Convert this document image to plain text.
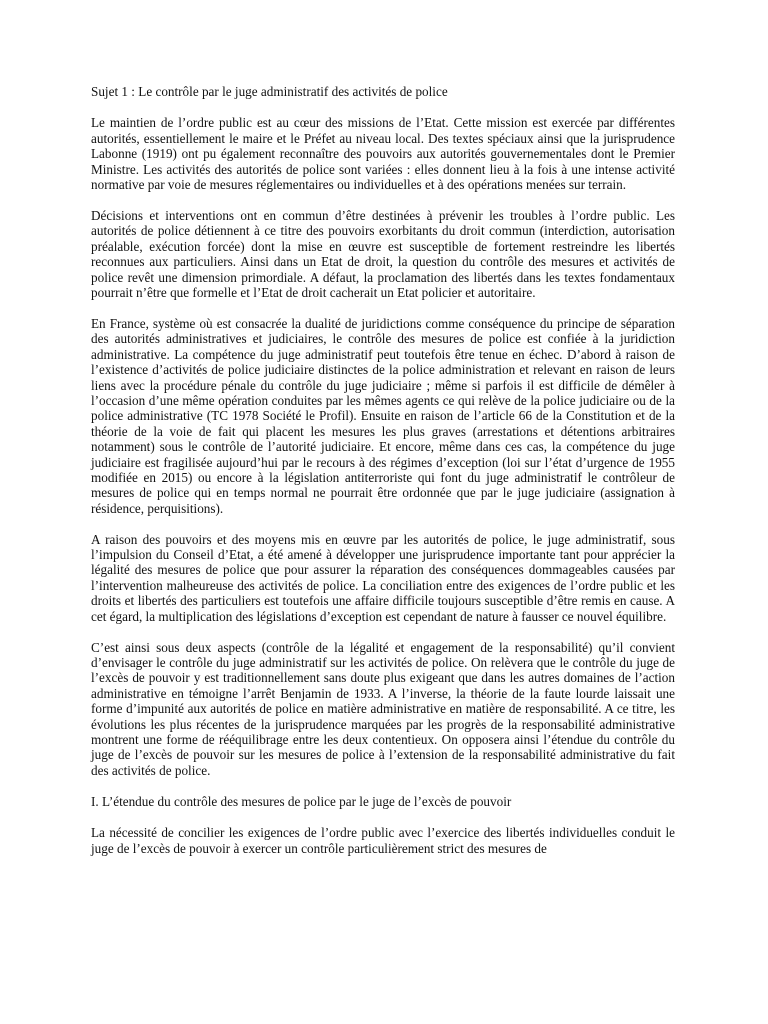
Sujet 1 : Le contrôle par le juge administratif des activités de police

Le maintien de l’ordre public est au cœur des missions de l’Etat. Cette mission est exercée par différentes autorités, essentiellement le maire et le Préfet au niveau local. Des textes spéciaux ainsi que la jurisprudence Labonne (1919) ont pu également reconnaître des pouvoirs aux autorités gouvernementales dont le Premier Ministre. Les activités des autorités de police sont variées : elles donnent lieu à la fois à une intense activité normative par voie de mesures réglementaires ou individuelles et à des opérations menées sur terrain.

Décisions et interventions ont en commun d’être destinées à prévenir les troubles à l’ordre public. Les autorités de police détiennent à ce titre des pouvoirs exorbitants du droit commun (interdiction, autorisation préalable, exécution forcée) dont la mise en œuvre est susceptible de fortement restreindre les libertés reconnues aux particuliers. Ainsi dans un Etat de droit, la question du contrôle des mesures et activités de police revêt une dimension primordiale. A défaut, la proclamation des libertés dans les textes fondamentaux pourrait n’être que formelle et l’Etat de droit cacherait un Etat policier et autoritaire.

En France, système où est consacrée la dualité de juridictions comme conséquence du principe de séparation des autorités administratives et judiciaires, le contrôle des mesures de police est confiée à la juridiction administrative. La compétence du juge administratif peut toutefois être tenue en échec. D’abord à raison de l’existence d’activités de police judiciaire distinctes de la police administration et relevant en raison de leurs liens avec la procédure pénale du contrôle du juge judiciaire ; même si parfois il est difficile de démêler à l’occasion d’une même opération conduites par les mêmes agents ce qui relève de la police judiciaire ou de la police administrative (TC 1978 Société le Profil). Ensuite en raison de l’article 66 de la Constitution et de la théorie de la voie de fait qui placent les mesures les plus graves (arrestations et détentions arbitraires notamment) sous le contrôle de l’autorité judiciaire. Et encore, même dans ces cas, la compétence du juge judiciaire est fragilisée aujourd’hui par le recours à des régimes d’exception (loi sur l’état d’urgence de 1955 modifiée en 2015) ou encore à la législation antiterroriste qui font du juge administratif le contrôleur de mesures de police qui en temps normal ne pourrait être ordonnée que par le juge judiciaire (assignation à résidence, perquisitions).

A raison des pouvoirs et des moyens mis en œuvre par les autorités de police, le juge administratif, sous l’impulsion du Conseil d’Etat, a été amené à développer une jurisprudence importante tant pour apprécier la légalité des mesures de police que pour assurer la réparation des conséquences dommageables causées par l’intervention malheureuse des activités de police. La conciliation entre des exigences de l’ordre public et les droits et libertés des particuliers est toutefois une affaire difficile toujours susceptible d’être remis en cause. A cet égard, la multiplication des législations d’exception est cependant de nature à fausser ce nouvel équilibre.

C’est ainsi sous deux aspects (contrôle de la légalité et engagement de la responsabilité) qu’il convient d’envisager le contrôle du juge administratif sur les activités de police. On relèvera que le contrôle du juge de l’excès de pouvoir y est traditionnellement sans doute plus exigeant que dans les autres domaines de l’action administrative en témoigne l’arrêt Benjamin de 1933. A l’inverse, la théorie de la faute lourde laissait une forme d’impunité aux autorités de police en matière administrative en matière de responsabilité. A ce titre, les évolutions les plus récentes de la jurisprudence marquées par les progrès de la responsabilité administrative montrent une forme de rééquilibrage entre les deux contentieux. On opposera ainsi l’étendue du contrôle du juge de l’excès de pouvoir sur les mesures de police à l’extension de la responsabilité administrative du fait des activités de police.

I. L’étendue du contrôle des mesures de police par le juge de l’excès de pouvoir

La nécessité de concilier les exigences de l’ordre public avec l’exercice des libertés individuelles conduit le juge de l’excès de pouvoir à exercer un contrôle particulièrement strict des mesures de
